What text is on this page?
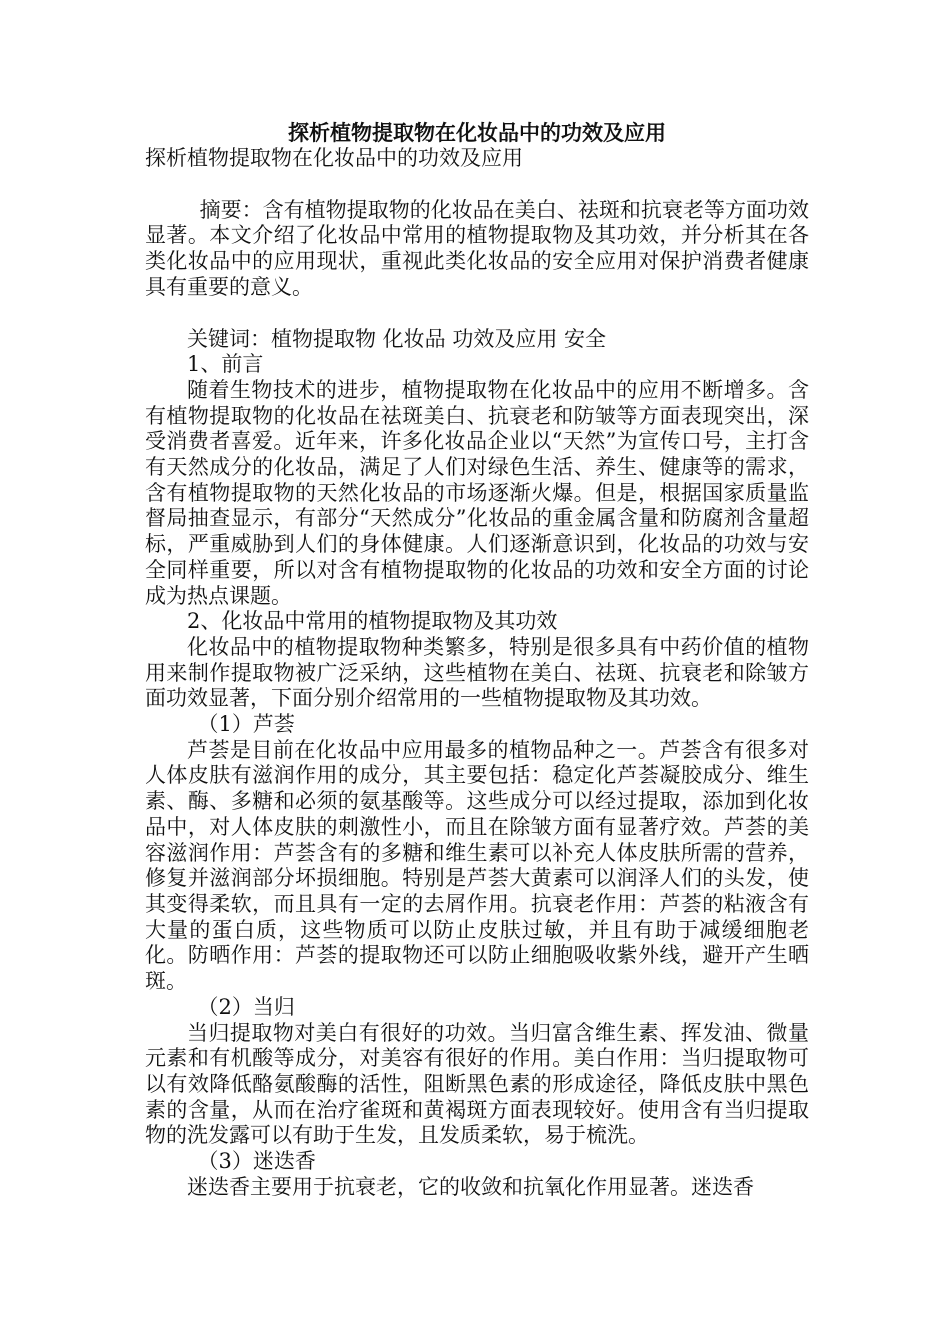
探析植物提取物在化妆品中的功效及应用

探析植物提取物在化妆品中的功效及应用

摘要：含有植物提取物的化妆品在美白、祛斑和抗衰老等方面功效显著。本文介绍了化妆品中常用的植物提取物及其功效，并分析其在各类化妆品中的应用现状，重视此类化妆品的安全应用对保护消费者健康具有重要的意义。

关键词：植物提取物 化妆品 功效及应用 安全

1、前言

随着生物技术的进步，植物提取物在化妆品中的应用不断增多。含有植物提取物的化妆品在祛斑美白、抗衰老和防皱等方面表现突出，深受消费者喜爱。近年来，许多化妆品企业以“天然”为宣传口号，主打含有天然成分的化妆品，满足了人们对绿色生活、养生、健康等的需求，含有植物提取物的天然化妆品的市场逐渐火爆。但是，根据国家质量监督局抽查显示，有部分“天然成分”化妆品的重金属含量和防腐剂含量超标，严重威胁到人们的身体健康。人们逐渐意识到，化妆品的功效与安全同样重要，所以对含有植物提取物的化妆品的功效和安全方面的讨论成为热点课题。

2、化妆品中常用的植物提取物及其功效

化妆品中的植物提取物种类繁多，特别是很多具有中药价值的植物用来制作提取物被广泛采纳，这些植物在美白、祛斑、抗衰老和除皱方面功效显著，下面分别介绍常用的一些植物提取物及其功效。

（1）芦荟

芦荟是目前在化妆品中应用最多的植物品种之一。芦荟含有很多对人体皮肤有滋润作用的成分，其主要包括：稳定化芦荟凝胶成分、维生素、酶、多糖和必须的氨基酸等。这些成分可以经过提取，添加到化妆品中，对人体皮肤的刺激性小，而且在除皱方面有显著疗效。芦荟的美容滋润作用：芦荟含有的多糖和维生素可以补充人体皮肤所需的营养，修复并滋润部分坏损细胞。特别是芦荟大黄素可以润泽人们的头发，使其变得柔软，而且具有一定的去屑作用。抗衰老作用：芦荟的粘液含有大量的蛋白质，这些物质可以防止皮肤过敏，并且有助于减缓细胞老化。防晒作用：芦荟的提取物还可以防止细胞吸收紫外线，避开产生晒斑。

（2）当归

当归提取物对美白有很好的功效。当归富含维生素、挥发油、微量元素和有机酸等成分，对美容有很好的作用。美白作用：当归提取物可以有效降低酪氨酸酶的活性，阻断黑色素的形成途径，降低皮肤中黑色素的含量，从而在治疗雀斑和黄褐斑方面表现较好。使用含有当归提取物的洗发露可以有助于生发，且发质柔软，易于梳洗。

（3）迷迭香

迷迭香主要用于抗衰老，它的收敛和抗氧化作用显著。迷迭香
